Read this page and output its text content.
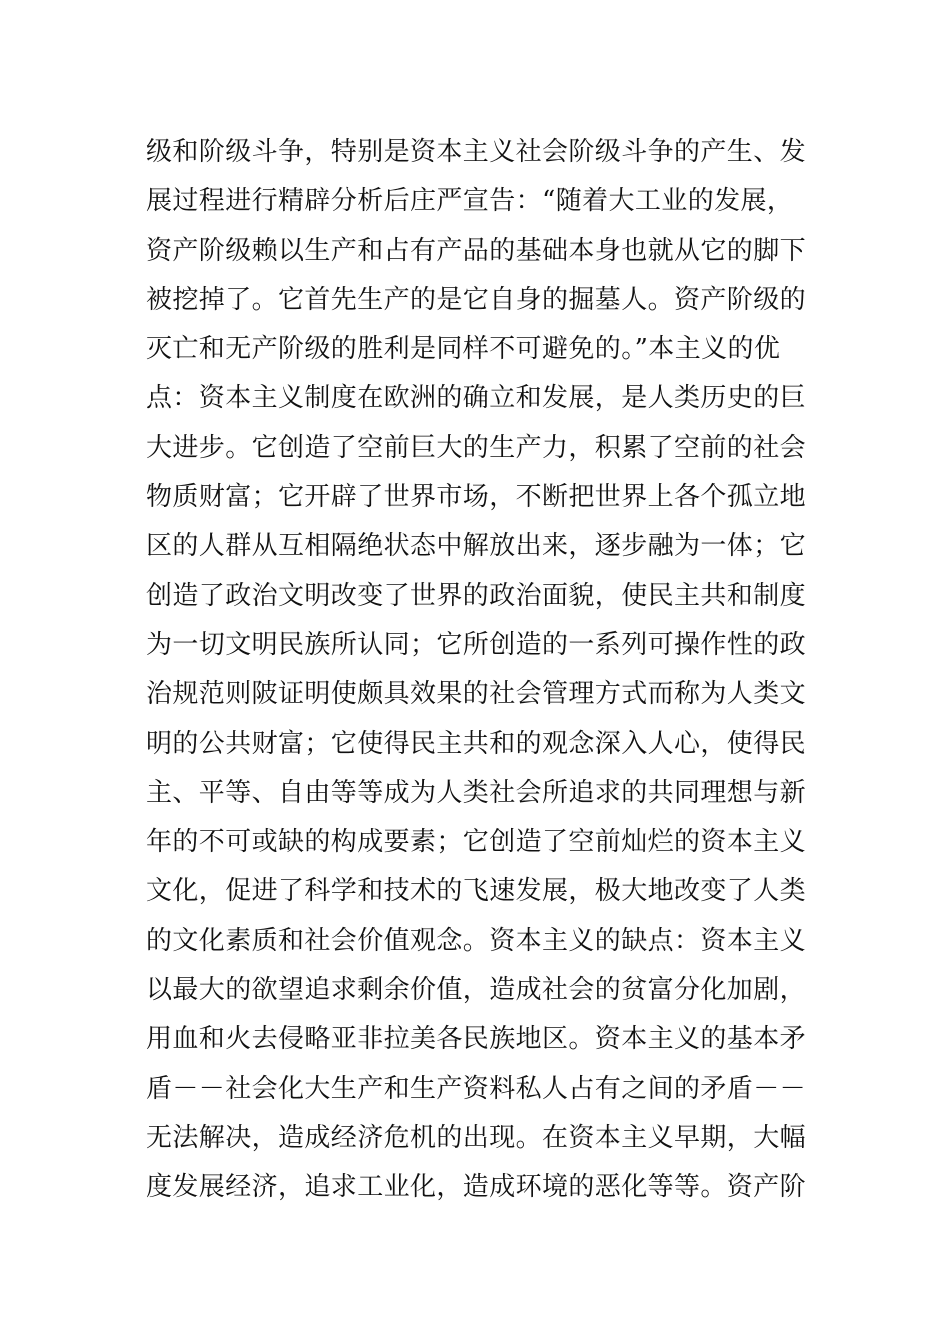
级和阶级斗争，特别是资本主义社会阶级斗争的产生、发
展过程进行精辟分析后庄严宣告：“随着大工业的发展，
资产阶级赖以生产和占有产品的基础本身也就从它的脚下
被挖掉了。它首先生产的是它自身的掘墓人。资产阶级的
灭亡和无产阶级的胜利是同样不可避免的。”本主义的优
点：资本主义制度在欧洲的确立和发展，是人类历史的巨
大进步。它创造了空前巨大的生产力，积累了空前的社会
物质财富；它开辟了世界市场，不断把世界上各个孤立地
区的人群从互相隔绝状态中解放出来，逐步融为一体；它
创造了政治文明改变了世界的政治面貌，使民主共和制度
为一切文明民族所认同；它所创造的一系列可操作性的政
治规范则陂证明使颇具效果的社会管理方式而称为人类文
明的公共财富；它使得民主共和的观念深入人心，使得民
主、平等、自由等等成为人类社会所追求的共同理想与新
年的不可或缺的构成要素；它创造了空前灿烂的资本主义
文化，促进了科学和技术的飞速发展，极大地改变了人类
的文化素质和社会价值观念。资本主义的缺点：资本主义
以最大的欲望追求剩余价值，造成社会的贫富分化加剧，
用血和火去侵略亚非拉美各民族地区。资本主义的基本矛
盾－－社会化大生产和生产资料私人占有之间的矛盾－－
无法解决，造成经济危机的出现。在资本主义早期，大幅
度发展经济，追求工业化，造成环境的恶化等等。资产阶
